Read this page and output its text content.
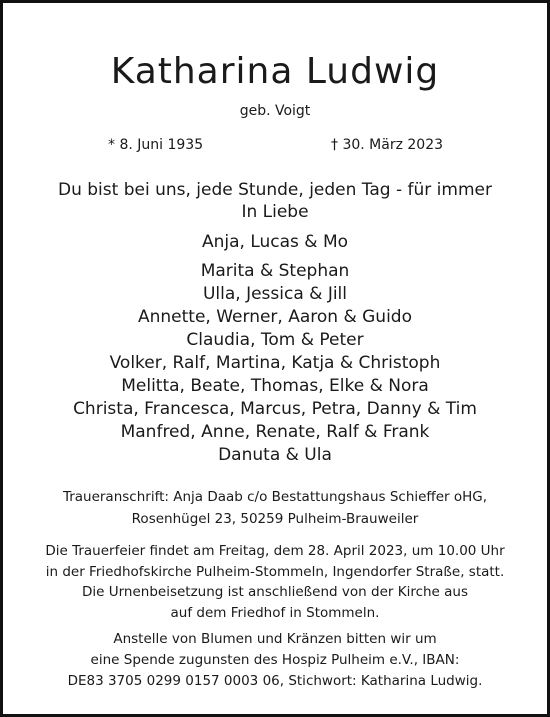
Katharina Ludwig
geb. Voigt
* 8. Juni 1935	† 30. März 2023
Du bist bei uns, jede Stunde, jeden Tag - für immer
In Liebe
Anja, Lucas & Mo
Marita & Stephan
Ulla, Jessica & Jill
Annette, Werner, Aaron & Guido
Claudia, Tom & Peter
Volker, Ralf, Martina, Katja & Christoph
Melitta, Beate, Thomas, Elke & Nora
Christa, Francesca, Marcus, Petra, Danny & Tim
Manfred, Anne, Renate, Ralf & Frank
Danuta & Ula
Traueranschrift: Anja Daab c/o Bestattungshaus Schieffer oHG,
Rosenhügel 23, 50259 Pulheim-Brauweiler
Die Trauerfeier findet am Freitag, dem 28. April 2023, um 10.00 Uhr
in der Friedhofskirche Pulheim-Stommeln, Ingendorfer Straße, statt.
Die Urnenbeisetzung ist anschließend von der Kirche aus
auf dem Friedhof in Stommeln.
Anstelle von Blumen und Kränzen bitten wir um
eine Spende zugunsten des Hospiz Pulheim e.V., IBAN:
DE83 3705 0299 0157 0003 06, Stichwort: Katharina Ludwig.
